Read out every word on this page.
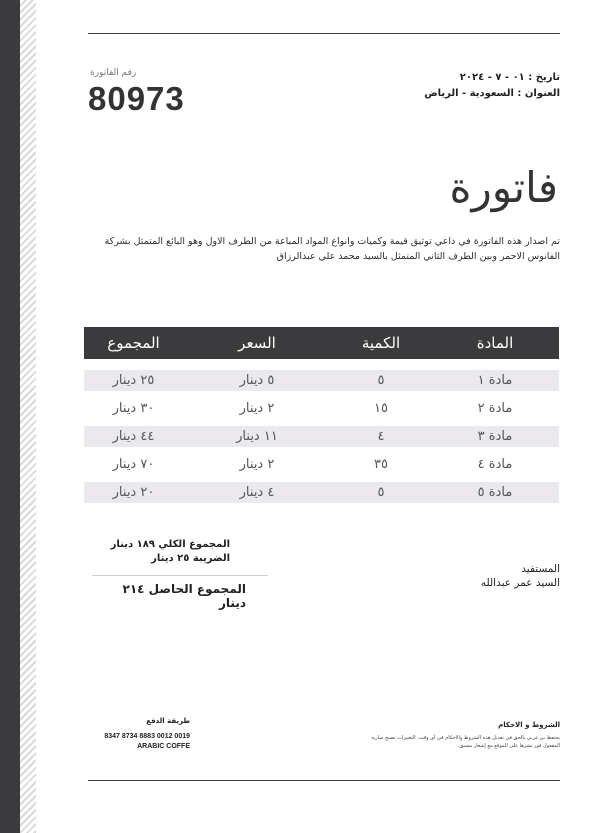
رقم الفاتورة
80973
تاريخ : ٠١ - ٧ - ٢٠٢٤
العنوان : السعودية - الرياض
فاتورة
تم اصدار هذه الفاتورة في داعي توثيق قيمة وكميات وانواع المواد المباعة من الطرف الاول وهو البائع المتمثل بشركة الفانوس الاحمر وبين الطرف الثاني المتمثل بالسيد محمد علي عبدالرزاق
المادة
الكمية
السعر
المجموع
مادة ١
٥
٥ دينار
٢٥ دينار
مادة ٢
١٥
٢ دينار
٣٠ دينار
مادة ٣
٤
١١ دينار
٤٤ دينار
مادة ٤
٣٥
٢ دينار
٧٠ دينار
مادة ٥
٥
٤ دينار
٢٠ دينار
المجموع الكلي ١٨٩ دينار
الضريبة ٢٥ دينار
المجموع الحاصل ٢١٤ دينار
المستفيد
السيد عمر عبدالله
طريقة الدفع
8347 8734 8883 0012 0019
ARABIC COFFE
الشروط و الاحكام
يحتفظ بن عربي بالحق في تعديل هذه الشروط والاحكام في أي وقت. التغييرات تصبح سارية المفعول فور نشرها على الموقع مع إشعار مسبق.
